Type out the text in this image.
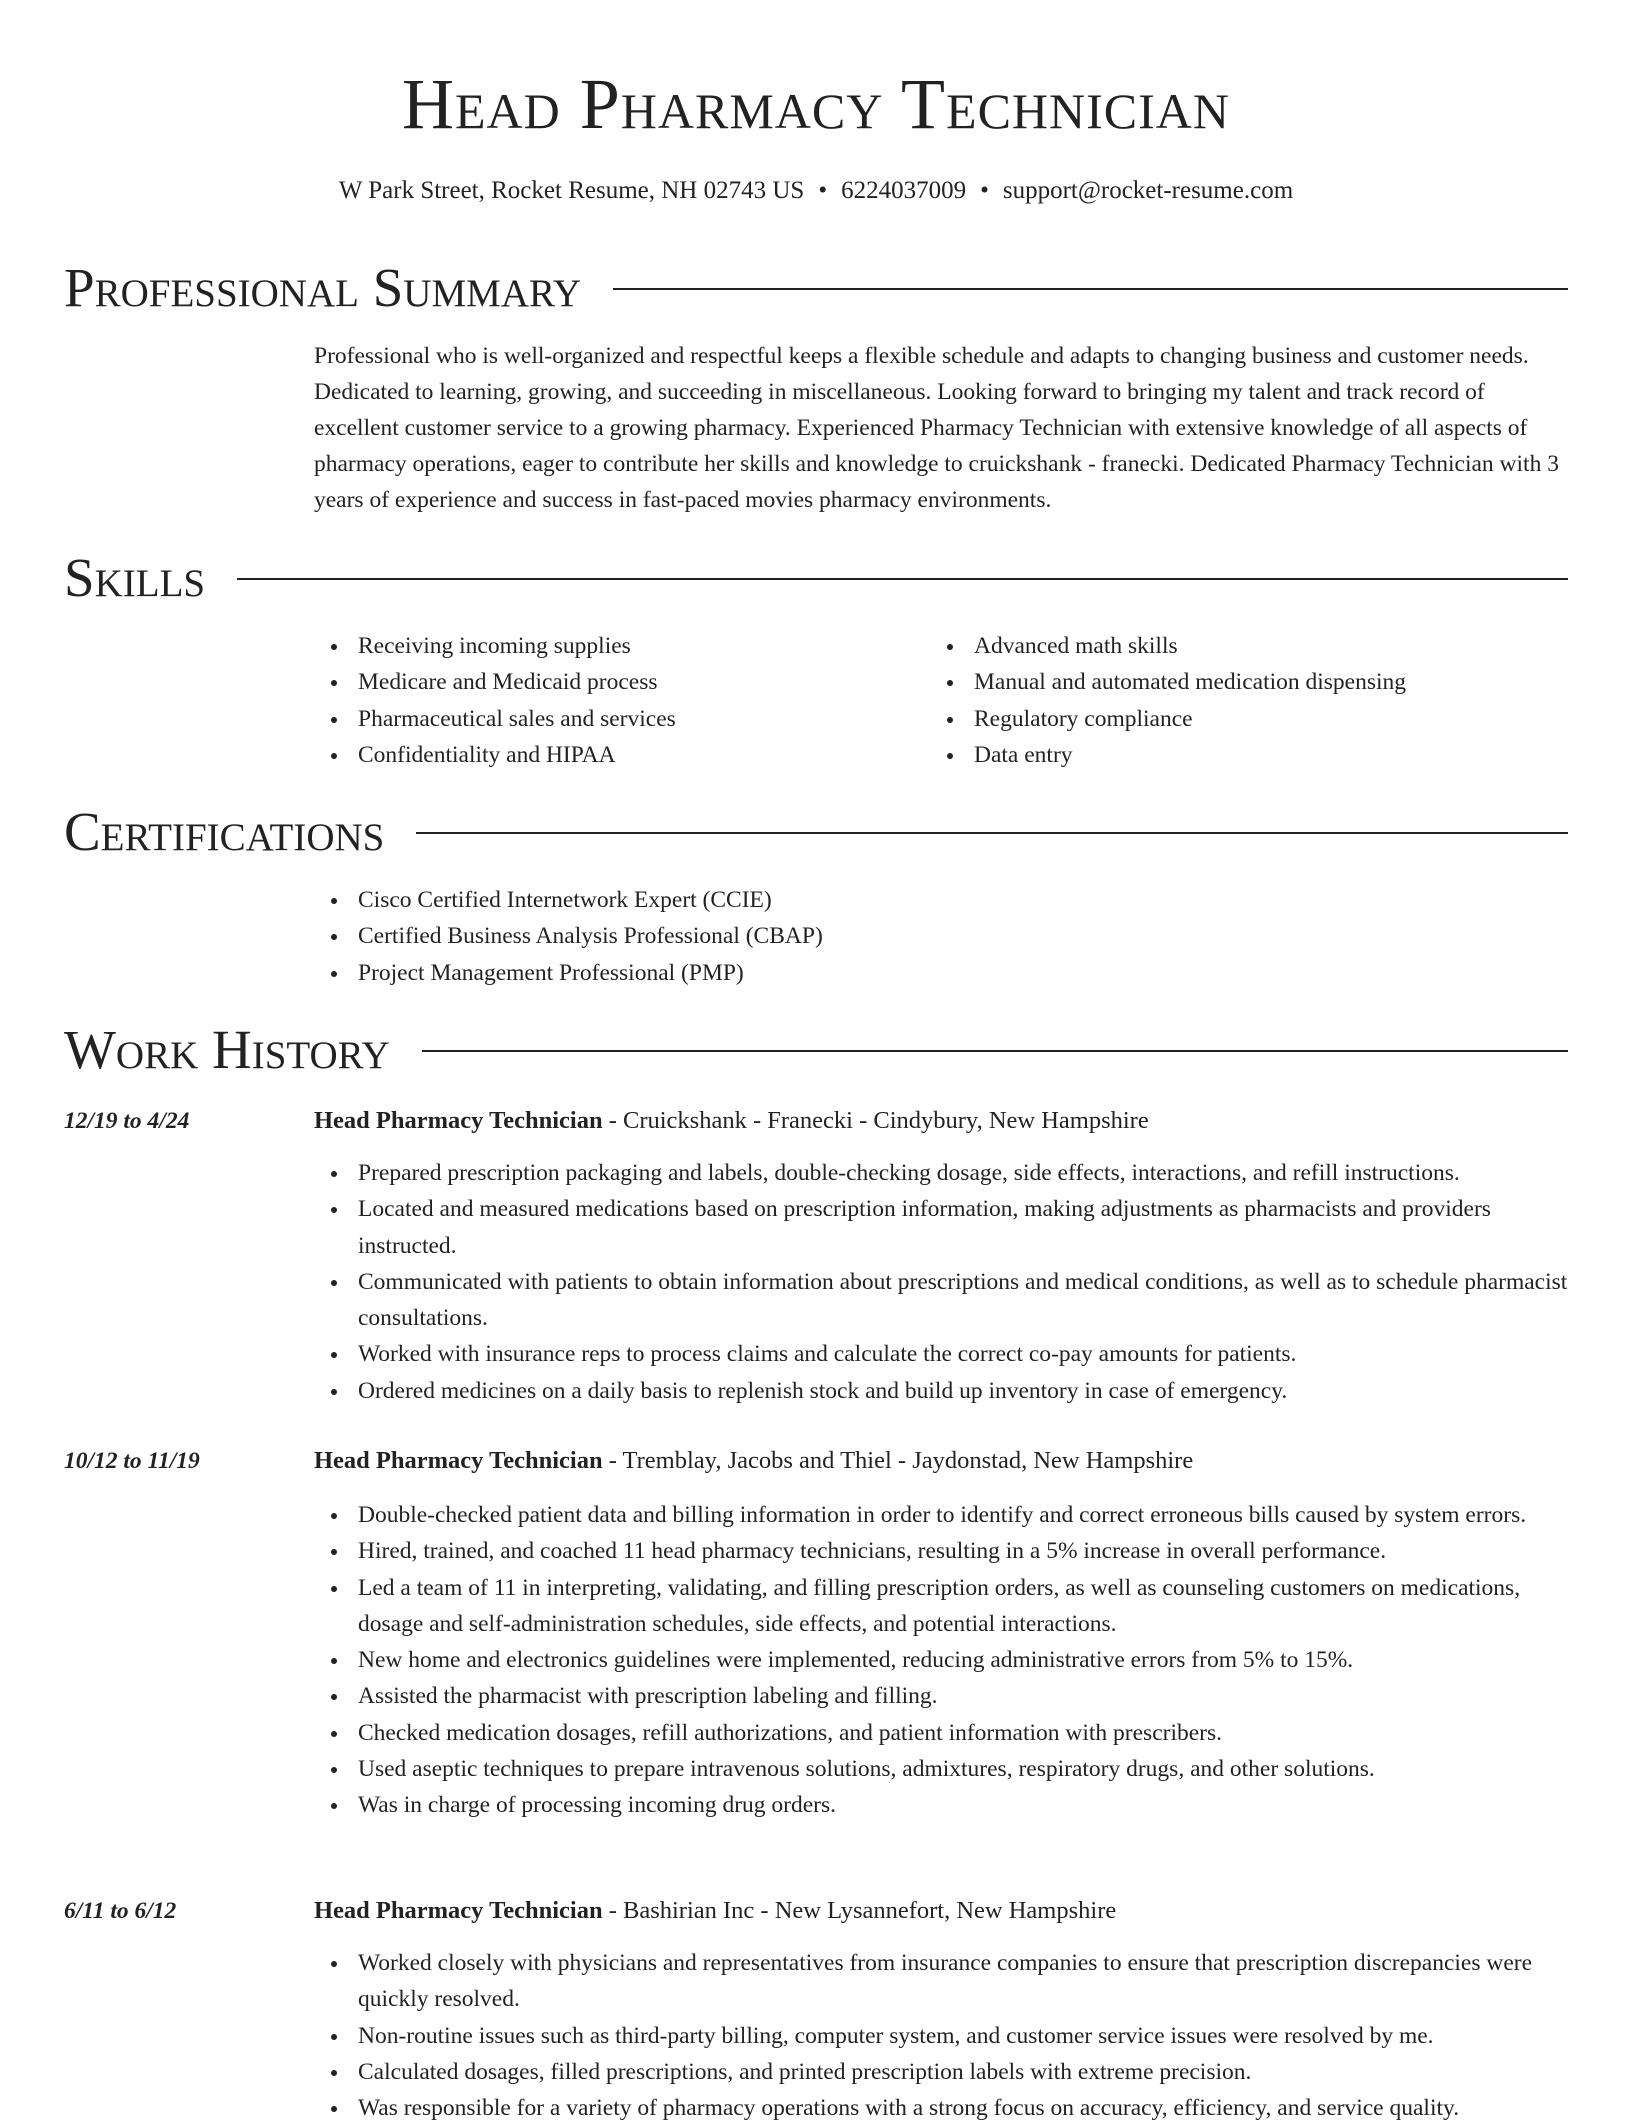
Head Pharmacy Technician
W Park Street, Rocket Resume, NH 02743 US • 6224037009 • support@rocket-resume.com
Professional Summary
Professional who is well-organized and respectful keeps a flexible schedule and adapts to changing business and customer needs. Dedicated to learning, growing, and succeeding in miscellaneous. Looking forward to bringing my talent and track record of excellent customer service to a growing pharmacy. Experienced Pharmacy Technician with extensive knowledge of all aspects of pharmacy operations, eager to contribute her skills and knowledge to cruickshank - franecki. Dedicated Pharmacy Technician with 3 years of experience and success in fast-paced movies pharmacy environments.
Skills
Receiving incoming supplies
Medicare and Medicaid process
Pharmaceutical sales and services
Confidentiality and HIPAA
Advanced math skills
Manual and automated medication dispensing
Regulatory compliance
Data entry
Certifications
Cisco Certified Internetwork Expert (CCIE)
Certified Business Analysis Professional (CBAP)
Project Management Professional (PMP)
Work History
12/19 to 4/24	Head Pharmacy Technician - Cruickshank - Franecki - Cindybury, New Hampshire
Prepared prescription packaging and labels, double-checking dosage, side effects, interactions, and refill instructions.
Located and measured medications based on prescription information, making adjustments as pharmacists and providers instructed.
Communicated with patients to obtain information about prescriptions and medical conditions, as well as to schedule pharmacist consultations.
Worked with insurance reps to process claims and calculate the correct co-pay amounts for patients.
Ordered medicines on a daily basis to replenish stock and build up inventory in case of emergency.
10/12 to 11/19	Head Pharmacy Technician - Tremblay, Jacobs and Thiel - Jaydonstad, New Hampshire
Double-checked patient data and billing information in order to identify and correct erroneous bills caused by system errors.
Hired, trained, and coached 11 head pharmacy technicians, resulting in a 5% increase in overall performance.
Led a team of 11 in interpreting, validating, and filling prescription orders, as well as counseling customers on medications, dosage and self-administration schedules, side effects, and potential interactions.
New home and electronics guidelines were implemented, reducing administrative errors from 5% to 15%.
Assisted the pharmacist with prescription labeling and filling.
Checked medication dosages, refill authorizations, and patient information with prescribers.
Used aseptic techniques to prepare intravenous solutions, admixtures, respiratory drugs, and other solutions.
Was in charge of processing incoming drug orders.
6/11 to 6/12	Head Pharmacy Technician - Bashirian Inc - New Lysannefort, New Hampshire
Worked closely with physicians and representatives from insurance companies to ensure that prescription discrepancies were quickly resolved.
Non-routine issues such as third-party billing, computer system, and customer service issues were resolved by me.
Calculated dosages, filled prescriptions, and printed prescription labels with extreme precision.
Was responsible for a variety of pharmacy operations with a strong focus on accuracy, efficiency, and service quality.
